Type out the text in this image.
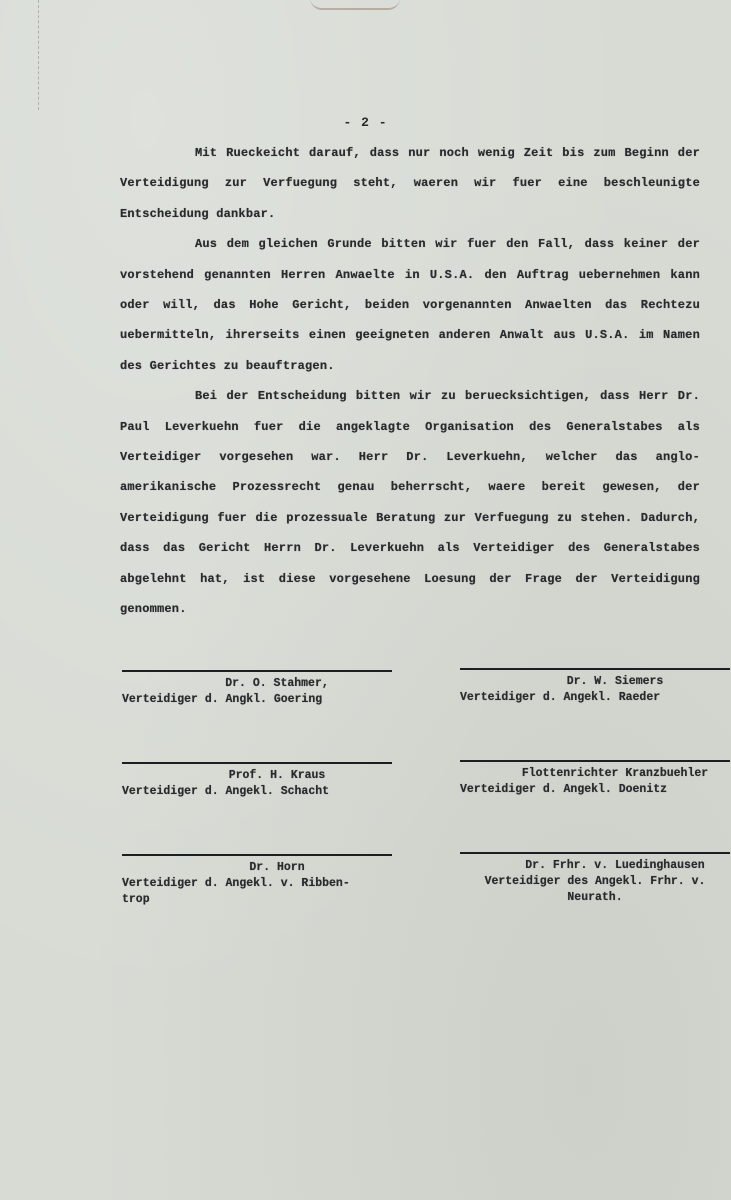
- 2 -

Mit Rueckeicht darauf, dass nur noch wenig Zeit bis zum Beginn der Verteidigung zur Verfuegung steht, waeren wir fuer eine beschleunigte Entscheidung dankbar.

Aus dem gleichen Grunde bitten wir fuer den Fall, dass keiner der vorstehend genannten Herren Anwaelte in U.S.A. den Auftrag uebernehmen kann oder will, das Hohe Gericht, beiden vorgenannten Anwaelten das Rechtezu uebermitteln, ihrerseits einen geeigneten anderen Anwalt aus U.S.A. im Namen des Gerichtes zu beauftragen.

Bei der Entscheidung bitten wir zu beruecksichtigen, dass Herr Dr. Paul Leverkuehn fuer die angeklagte Organisation des Generalstabes als Verteidiger vorgesehen war. Herr Dr. Leverkuehn, welcher das anglo-amerikanische Prozessrecht genau beherrscht, waere bereit gewesen, der Verteidigung fuer die prozessuale Beratung zur Verfuegung zu stehen. Dadurch, dass das Gericht Herrn Dr. Leverkuehn als Verteidiger des Generalstabes abgelehnt hat, ist diese vorgesehene Loesung der Frage der Verteidigung genommen.

Dr. O. Stahmer,
Verteidiger d. Angkl. Goering
Dr. W. Siemers
Verteidiger d. Angekl. Raeder
Prof. H. Kraus
Verteidiger d. Angekl. Schacht
Flottenrichter Kranzbuehler
Verteidiger d. Angekl. Doenitz
Dr. Horn
Verteidiger d. Angekl. v. Ribben-
trop
Dr. Frhr. v. Luedinghausen
Verteidiger des Angekl. Frhr. v.
Neurath.
